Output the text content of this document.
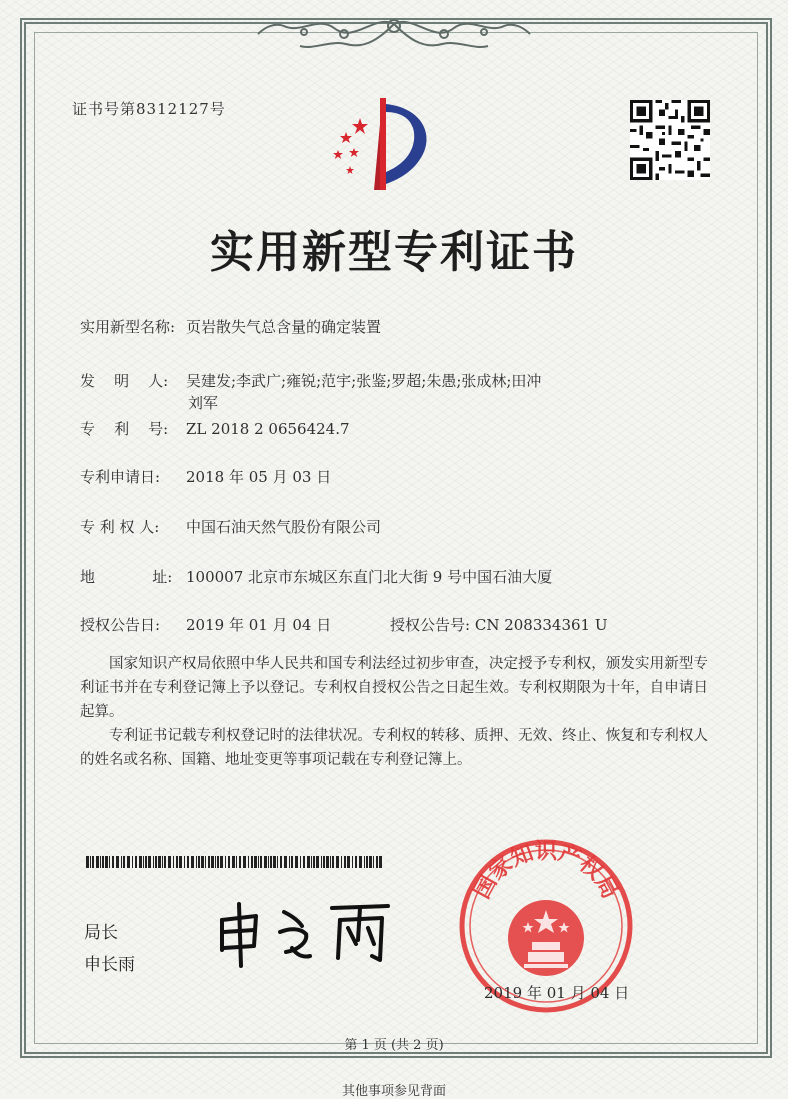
证书号第8312127号
实用新型专利证书
实用新型名称: 页岩散失气总含量的确定装置
发    明    人: 吴建发;李武广;雍锐;范宇;张鉴;罗超;朱愚;张成林;田冲
刘军
专    利    号: ZL 2018 2 0656424.7
专利申请日: 2018 年 05 月 03 日
专 利 权 人: 中国石油天然气股份有限公司
地            址: 100007 北京市东城区东直门北大街 9 号中国石油大厦
授权公告日: 2019 年 01 月 04 日	授权公告号: CN 208334361 U
国家知识产权局依照中华人民共和国专利法经过初步审查，决定授予专利权，颁发实用新型专利证书并在专利登记簿上予以登记。专利权自授权公告之日起生效。专利权期限为十年，自申请日起算。
专利证书记载专利权登记时的法律状况。专利权的转移、质押、无效、终止、恢复和专利权人的姓名或名称、国籍、地址变更等事项记载在专利登记簿上。
局长
申长雨
国家知识产权局
2019 年 01 月 04 日
第 1 页 (共 2 页)
其他事项参见背面
